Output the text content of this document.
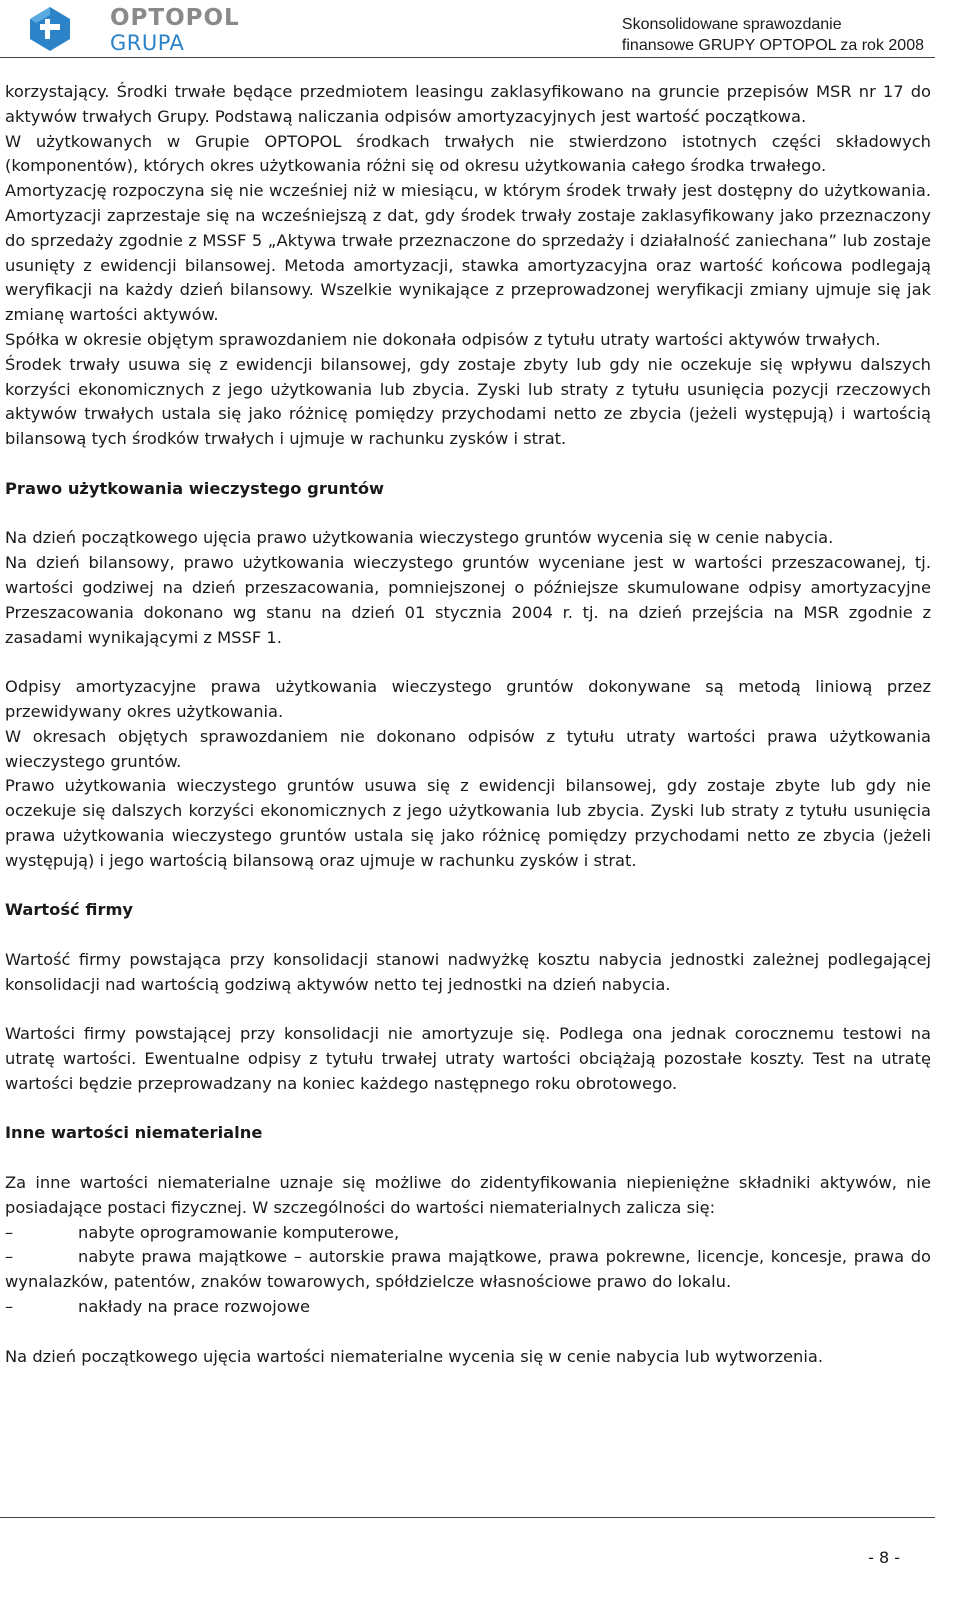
OPTOPOL
GRUPA
Skonsolidowane sprawozdanie
finansowe GRUPY OPTOPOL za rok 2008

korzystający. Środki trwałe będące przedmiotem leasingu zaklasyfikowano na gruncie przepisów MSR nr 17 do aktywów trwałych Grupy. Podstawą naliczania odpisów amortyzacyjnych jest wartość początkowa.

W użytkowanych w Grupie OPTOPOL środkach trwałych nie stwierdzono istotnych części składowych (komponentów), których okres użytkowania różni się od okresu użytkowania całego środka trwałego.

Amortyzację rozpoczyna się nie wcześniej niż w miesiącu, w którym środek trwały jest dostępny do użytkowania. Amortyzacji zaprzestaje się na wcześniejszą z dat, gdy środek trwały zostaje zaklasyfikowany jako przeznaczony do sprzedaży zgodnie z MSSF 5 „Aktywa trwałe przeznaczone do sprzedaży i działalność zaniechana” lub zostaje usunięty z ewidencji bilansowej. Metoda amortyzacji, stawka amortyzacyjna oraz wartość końcowa podlegają weryfikacji na każdy dzień bilansowy. Wszelkie wynikające z przeprowadzonej weryfikacji zmiany ujmuje się jak zmianę wartości aktywów.

Spółka w okresie objętym sprawozdaniem nie dokonała odpisów z tytułu utraty wartości aktywów trwałych.

Środek trwały usuwa się z ewidencji bilansowej, gdy zostaje zbyty lub gdy nie oczekuje się wpływu dalszych korzyści ekonomicznych z jego użytkowania lub zbycia. Zyski lub straty z tytułu usunięcia pozycji rzeczowych aktywów trwałych ustala się jako różnicę pomiędzy przychodami netto ze zbycia (jeżeli występują) i wartością bilansową tych środków trwałych i ujmuje w rachunku zysków i strat.

Prawo użytkowania wieczystego gruntów

Na dzień początkowego ujęcia prawo użytkowania wieczystego gruntów wycenia się w cenie nabycia.

Na dzień bilansowy, prawo użytkowania wieczystego gruntów wyceniane jest w wartości przeszacowanej, tj. wartości godziwej na dzień przeszacowania, pomniejszonej o późniejsze skumulowane odpisy amortyzacyjne Przeszacowania dokonano wg stanu na dzień 01 stycznia 2004 r. tj. na dzień przejścia na MSR zgodnie z zasadami wynikającymi z MSSF 1.

Odpisy amortyzacyjne prawa użytkowania wieczystego gruntów dokonywane są metodą liniową przez przewidywany okres użytkowania.

W okresach objętych sprawozdaniem nie dokonano odpisów z tytułu utraty wartości prawa użytkowania wieczystego gruntów.

Prawo użytkowania wieczystego gruntów usuwa się z ewidencji bilansowej, gdy zostaje zbyte lub gdy nie oczekuje się dalszych korzyści ekonomicznych z jego użytkowania lub zbycia. Zyski lub straty z tytułu usunięcia prawa użytkowania wieczystego gruntów ustala się jako różnicę pomiędzy przychodami netto ze zbycia (jeżeli występują) i jego wartością bilansową oraz ujmuje w rachunku zysków i strat.

Wartość firmy

Wartość firmy powstająca przy konsolidacji stanowi nadwyżkę kosztu nabycia jednostki zależnej podlegającej konsolidacji nad wartością godziwą aktywów netto tej jednostki na dzień nabycia.

Wartości firmy powstającej przy konsolidacji nie amortyzuje się. Podlega ona jednak corocznemu testowi na utratę wartości. Ewentualne odpisy z tytułu trwałej utraty wartości obciążają pozostałe koszty. Test na utratę wartości będzie przeprowadzany na koniec każdego następnego roku obrotowego.

Inne wartości niematerialne

Za inne wartości niematerialne uznaje się możliwe do zidentyfikowania niepieniężne składniki aktywów, nie posiadające postaci fizycznej. W szczególności do wartości niematerialnych zalicza się:

–	nabyte oprogramowanie komputerowe,
–	nabyte prawa majątkowe – autorskie prawa majątkowe, prawa pokrewne, licencje, koncesje, prawa do wynalazków, patentów, znaków towarowych, spółdzielcze własnościowe prawo do lokalu.
–	nakłady na prace rozwojowe

Na dzień początkowego ujęcia wartości niematerialne wycenia się w cenie nabycia lub wytworzenia.

- 8 -
